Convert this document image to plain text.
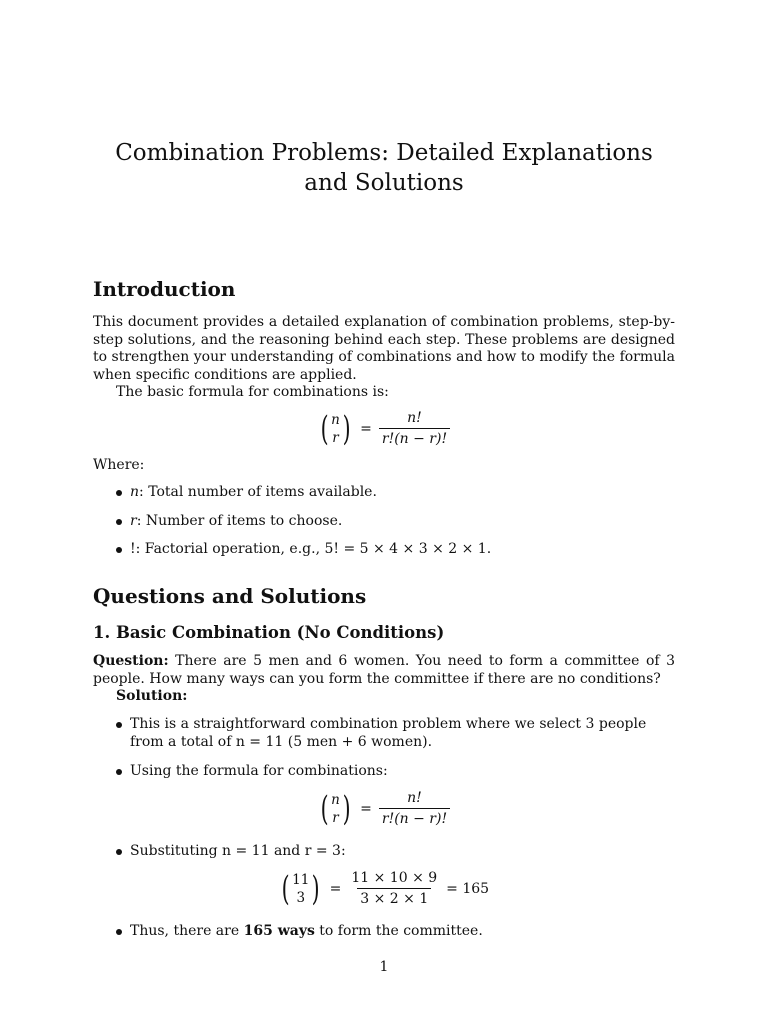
Combination Problems: Detailed Explanations and Solutions
Introduction
This document provides a detailed explanation of combination problems, step-by-step solutions, and the reasoning behind each step. These problems are designed to strengthen your understanding of combinations and how to modify the formula when specific conditions are applied.
The basic formula for combinations is:
( n
r ) = $\frac{n!}{r!(n - r)!}$
Where:
n: Total number of items available.
r: Number of items to choose.
!: Factorial operation, e.g., 5! = 5 × 4 × 3 × 2 × 1.
Questions and Solutions
1. Basic Combination (No Conditions)
Question: There are 5 men and 6 women. You need to form a committee of 3 people. How many ways can you form the committee if there are no conditions?
Solution:
This is a straightforward combination problem where we select 3 people from a total of n = 11 (5 men + 6 women).
Using the formula for combinations:
( n
r ) = $\frac{n!}{r!(n - r)!}$
Substituting n = 11 and r = 3:
( 11
3 ) = $\frac{11 \times 10 \times 9}{3 \times 2 \times 1} = 165$
Thus, there are 165 ways to form the committee.
1
